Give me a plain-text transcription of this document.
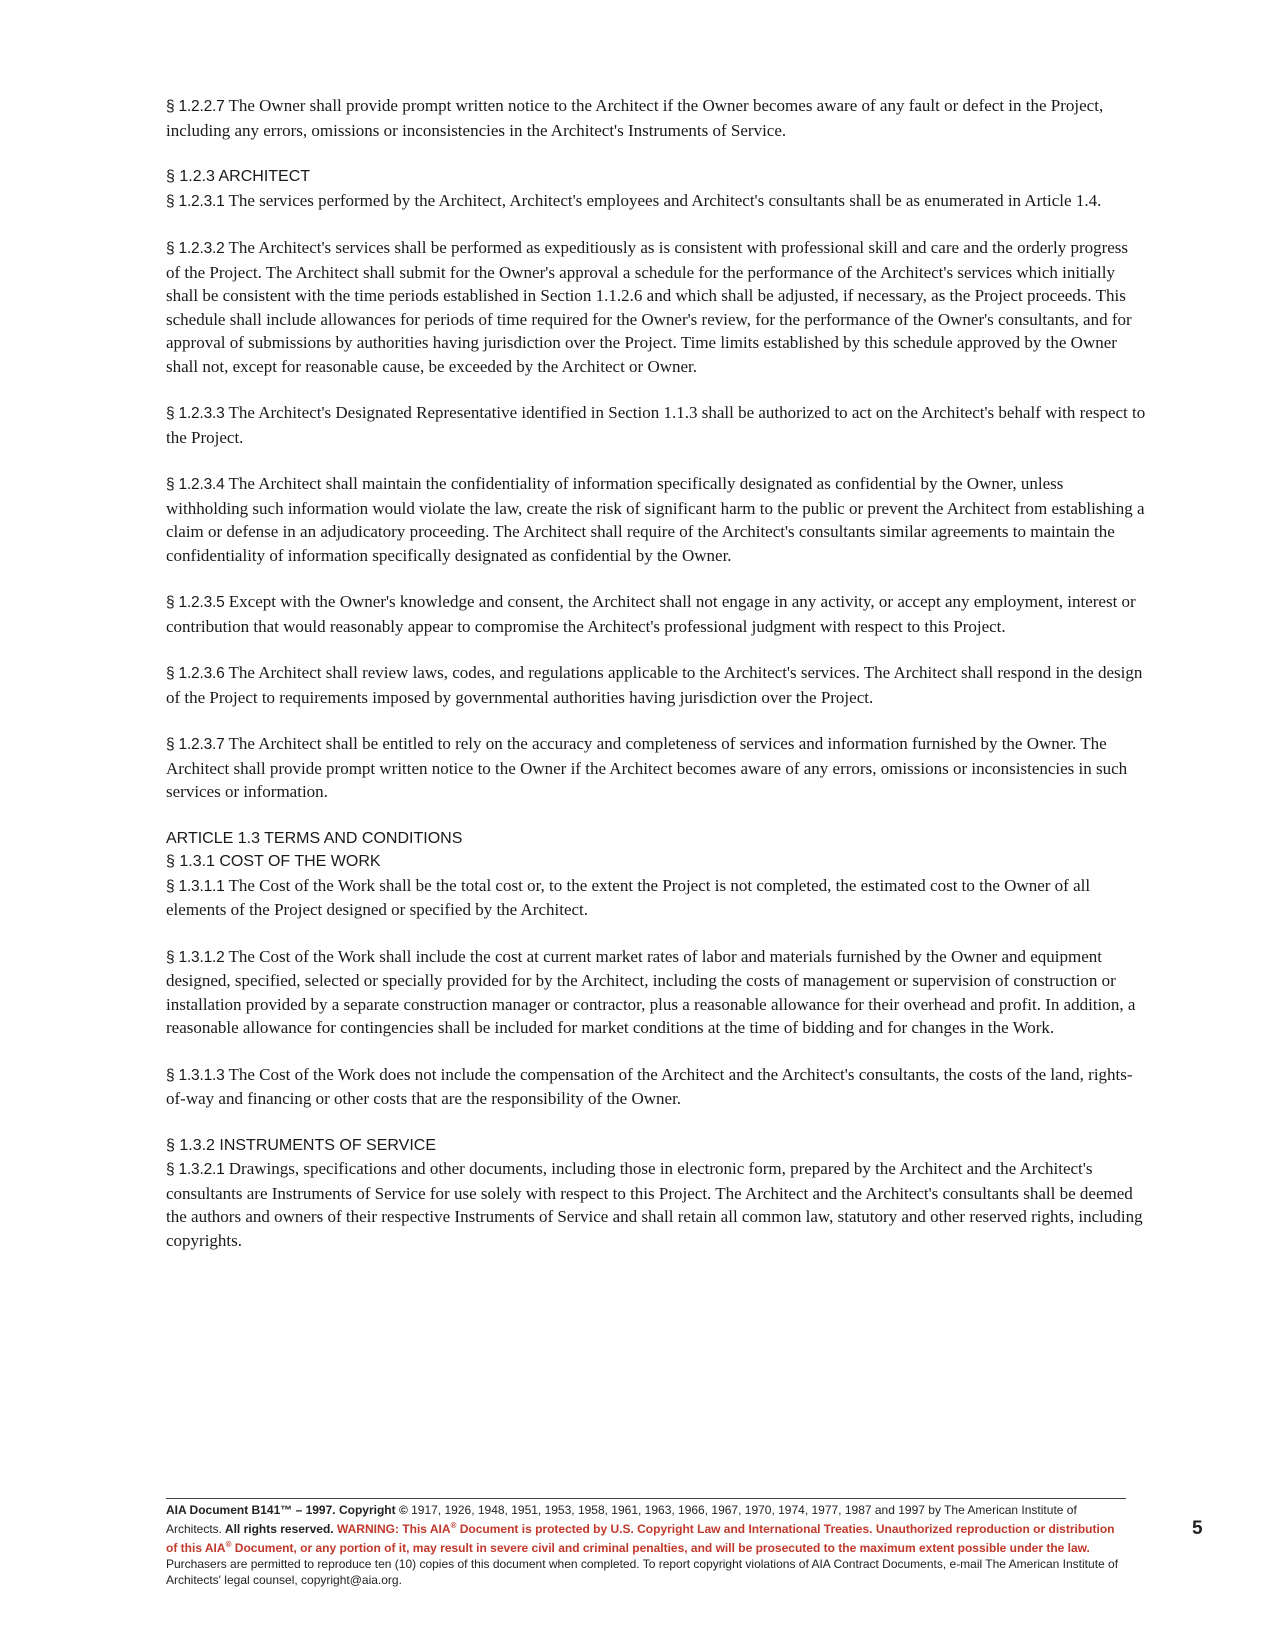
§ 1.2.2.7 The Owner shall provide prompt written notice to the Architect if the Owner becomes aware of any fault or defect in the Project, including any errors, omissions or inconsistencies in the Architect's Instruments of Service.

§ 1.2.3 ARCHITECT

§ 1.2.3.1 The services performed by the Architect, Architect's employees and Architect's consultants shall be as enumerated in Article 1.4.

§ 1.2.3.2 The Architect's services shall be performed as expeditiously as is consistent with professional skill and care and the orderly progress of the Project. The Architect shall submit for the Owner's approval a schedule for the performance of the Architect's services which initially shall be consistent with the time periods established in Section 1.1.2.6 and which shall be adjusted, if necessary, as the Project proceeds. This schedule shall include allowances for periods of time required for the Owner's review, for the performance of the Owner's consultants, and for approval of submissions by authorities having jurisdiction over the Project. Time limits established by this schedule approved by the Owner shall not, except for reasonable cause, be exceeded by the Architect or Owner.

§ 1.2.3.3 The Architect's Designated Representative identified in Section 1.1.3 shall be authorized to act on the Architect's behalf with respect to the Project.

§ 1.2.3.4 The Architect shall maintain the confidentiality of information specifically designated as confidential by the Owner, unless withholding such information would violate the law, create the risk of significant harm to the public or prevent the Architect from establishing a claim or defense in an adjudicatory proceeding. The Architect shall require of the Architect's consultants similar agreements to maintain the confidentiality of information specifically designated as confidential by the Owner.

§ 1.2.3.5 Except with the Owner's knowledge and consent, the Architect shall not engage in any activity, or accept any employment, interest or contribution that would reasonably appear to compromise the Architect's professional judgment with respect to this Project.

§ 1.2.3.6 The Architect shall review laws, codes, and regulations applicable to the Architect's services. The Architect shall respond in the design of the Project to requirements imposed by governmental authorities having jurisdiction over the Project.

§ 1.2.3.7 The Architect shall be entitled to rely on the accuracy and completeness of services and information furnished by the Owner. The Architect shall provide prompt written notice to the Owner if the Architect becomes aware of any errors, omissions or inconsistencies in such services or information.

ARTICLE 1.3 TERMS AND CONDITIONS

§ 1.3.1 COST OF THE WORK

§ 1.3.1.1 The Cost of the Work shall be the total cost or, to the extent the Project is not completed, the estimated cost to the Owner of all elements of the Project designed or specified by the Architect.

§ 1.3.1.2 The Cost of the Work shall include the cost at current market rates of labor and materials furnished by the Owner and equipment designed, specified, selected or specially provided for by the Architect, including the costs of management or supervision of construction or installation provided by a separate construction manager or contractor, plus a reasonable allowance for their overhead and profit. In addition, a reasonable allowance for contingencies shall be included for market conditions at the time of bidding and for changes in the Work.

§ 1.3.1.3 The Cost of the Work does not include the compensation of the Architect and the Architect's consultants, the costs of the land, rights-of-way and financing or other costs that are the responsibility of the Owner.

§ 1.3.2 INSTRUMENTS OF SERVICE

§ 1.3.2.1 Drawings, specifications and other documents, including those in electronic form, prepared by the Architect and the Architect's consultants are Instruments of Service for use solely with respect to this Project. The Architect and the Architect's consultants shall be deemed the authors and owners of their respective Instruments of Service and shall retain all common law, statutory and other reserved rights, including copyrights.

AIA Document B141™ – 1997. Copyright © 1917, 1926, 1948, 1951, 1953, 1958, 1961, 1963, 1966, 1967, 1970, 1974, 1977, 1987 and 1997 by The American Institute of Architects. All rights reserved. WARNING: This AIA® Document is protected by U.S. Copyright Law and International Treaties. Unauthorized reproduction or distribution of this AIA® Document, or any portion of it, may result in severe civil and criminal penalties, and will be prosecuted to the maximum extent possible under the law. Purchasers are permitted to reproduce ten (10) copies of this document when completed. To report copyright violations of AIA Contract Documents, e-mail The American Institute of Architects' legal counsel, copyright@aia.org.
5
